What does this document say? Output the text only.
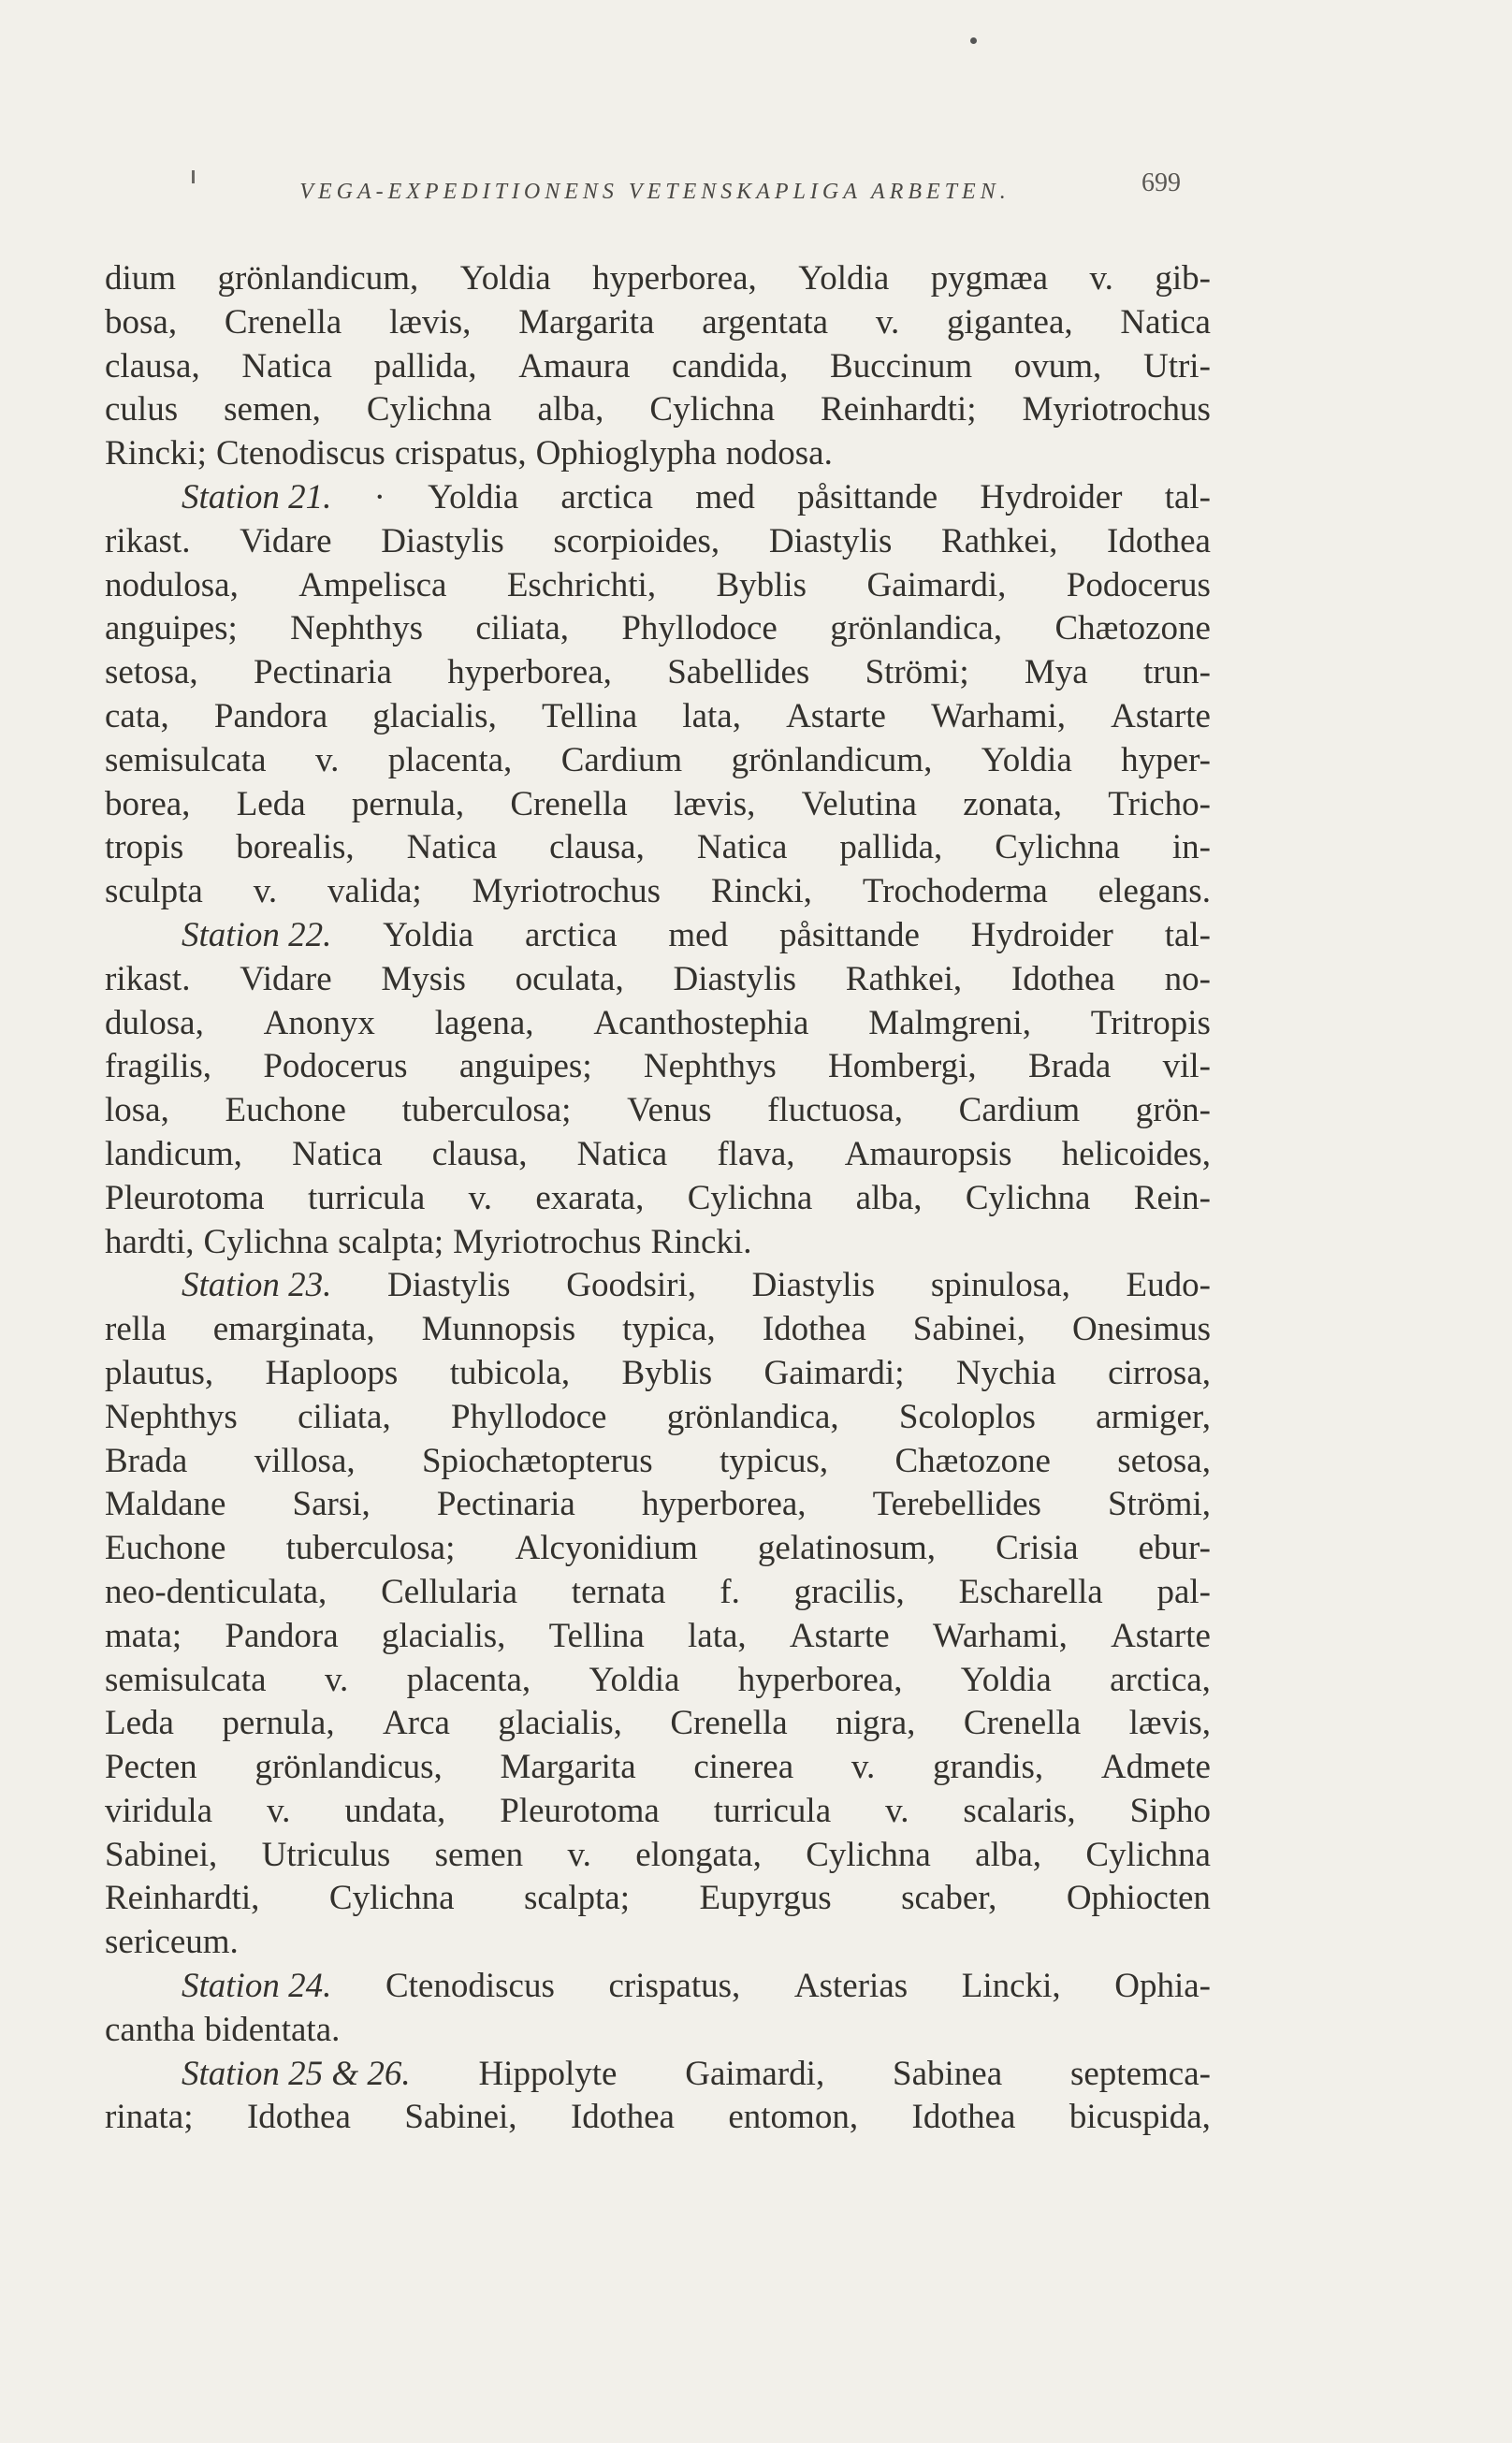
VEGA-EXPEDITIONENS VETENSKAPLIGA ARBETEN.	699
dium grönlandicum, Yoldia hyperborea, Yoldia pygmæa v. gib-
bosa, Crenella lævis, Margarita argentata v. gigantea, Natica
clausa, Natica pallida, Amaura candida, Buccinum ovum, Utri-
culus semen, Cylichna alba, Cylichna Reinhardti; Myriotrochus
Rincki; Ctenodiscus crispatus, Ophioglypha nodosa.
Station 21. · Yoldia arctica med påsittande Hydroider tal-
rikast. Vidare Diastylis scorpioides, Diastylis Rathkei, Idothea
nodulosa, Ampelisca Eschrichti, Byblis Gaimardi, Podocerus
anguipes; Nephthys ciliata, Phyllodoce grönlandica, Chætozone
setosa, Pectinaria hyperborea, Sabellides Strömi; Mya trun-
cata, Pandora glacialis, Tellina lata, Astarte Warhami, Astarte
semisulcata v. placenta, Cardium grönlandicum, Yoldia hyper-
borea, Leda pernula, Crenella lævis, Velutina zonata, Tricho-
tropis borealis, Natica clausa, Natica pallida, Cylichna in-
sculpta v. valida; Myriotrochus Rincki, Trochoderma elegans.
Station 22. Yoldia arctica med påsittande Hydroider tal-
rikast. Vidare Mysis oculata, Diastylis Rathkei, Idothea no-
dulosa, Anonyx lagena, Acanthostephia Malmgreni, Tritropis
fragilis, Podocerus anguipes; Nephthys Hombergi, Brada vil-
losa, Euchone tuberculosa; Venus fluctuosa, Cardium grön-
landicum, Natica clausa, Natica flava, Amauropsis helicoides,
Pleurotoma turricula v. exarata, Cylichna alba, Cylichna Rein-
hardti, Cylichna scalpta; Myriotrochus Rincki.
Station 23. Diastylis Goodsiri, Diastylis spinulosa, Eudo-
rella emarginata, Munnopsis typica, Idothea Sabinei, Onesimus
plautus, Haploops tubicola, Byblis Gaimardi; Nychia cirrosa,
Nephthys ciliata, Phyllodoce grönlandica, Scoloplos armiger,
Brada villosa, Spiochætopterus typicus, Chætozone setosa,
Maldane Sarsi, Pectinaria hyperborea, Terebellides Strömi,
Euchone tuberculosa; Alcyonidium gelatinosum, Crisia ebur-
neo-denticulata, Cellularia ternata f. gracilis, Escharella pal-
mata; Pandora glacialis, Tellina lata, Astarte Warhami, Astarte
semisulcata v. placenta, Yoldia hyperborea, Yoldia arctica,
Leda pernula, Arca glacialis, Crenella nigra, Crenella lævis,
Pecten grönlandicus, Margarita cinerea v. grandis, Admete
viridula v. undata, Pleurotoma turricula v. scalaris, Sipho
Sabinei, Utriculus semen v. elongata, Cylichna alba, Cylichna
Reinhardti, Cylichna scalpta; Eupyrgus scaber, Ophiocten
sericeum.
Station 24. Ctenodiscus crispatus, Asterias Lincki, Ophia-
cantha bidentata.
Station 25 & 26. Hippolyte Gaimardi, Sabinea septemca-
rinata; Idothea Sabinei, Idothea entomon, Idothea bicuspida,
